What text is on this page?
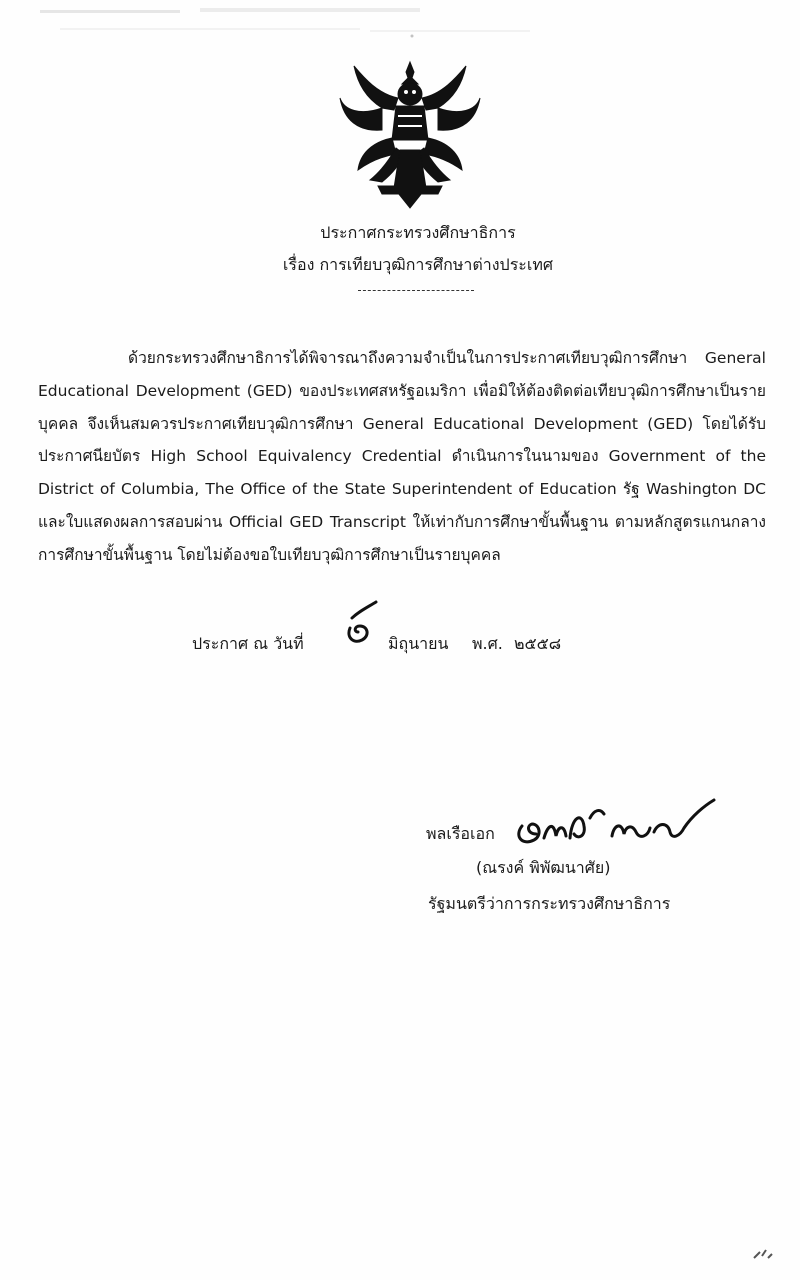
ประกาศกระทรวงศึกษาธิการ
เรื่อง การเทียบวุฒิการศึกษาต่างประเทศ

ด้วยกระทรวงศึกษาธิการได้พิจารณาถึงความจำเป็นในการประกาศเทียบวุฒิการศึกษา General Educational Development (GED) ของประเทศสหรัฐอเมริกา เพื่อมิให้ต้องติดต่อเทียบวุฒิการศึกษาเป็นรายบุคคล จึงเห็นสมควรประกาศเทียบวุฒิการศึกษา General Educational Development (GED) โดยได้รับประกาศนียบัตร High School Equivalency Credential ดำเนินการในนามของ Government of the District of Columbia, The Office of the State Superintendent of Education รัฐ Washington DC และใบแสดงผลการสอบผ่าน Official GED Transcript ให้เท่ากับการศึกษาขั้นพื้นฐาน ตามหลักสูตรแกนกลางการศึกษาขั้นพื้นฐาน โดยไม่ต้องขอใบเทียบวุฒิการศึกษาเป็นรายบุคคล

ประกาศ ณ วันที่	มิถุนายน พ.ศ. ๒๕๕๘
พลเรือเอก
(ณรงค์ พิพัฒนาศัย)
รัฐมนตรีว่าการกระทรวงศึกษาธิการ
